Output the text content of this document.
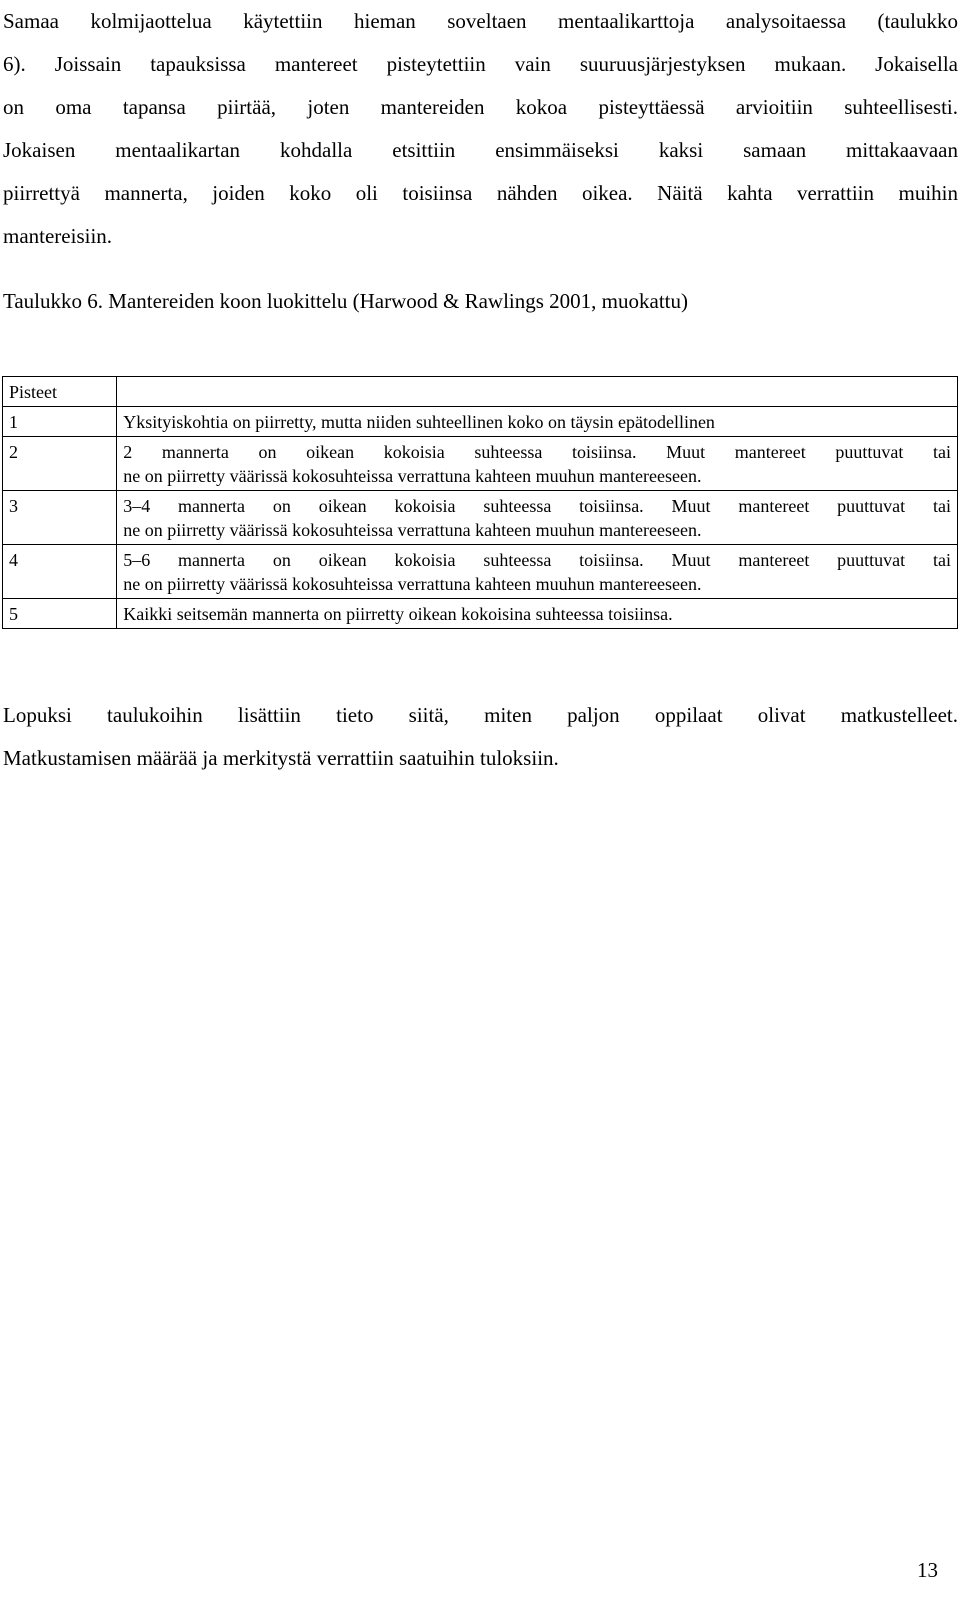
Samaa kolmijaottelua käytettiin hieman soveltaen mentaalikarttoja analysoitaessa (taulukko
6). Joissain tapauksissa mantereet pisteytettiin vain suuruusjärjestyksen mukaan. Jokaisella
on oma tapansa piirtää, joten mantereiden kokoa pisteyttäessä arvioitiin suhteellisesti.
Jokaisen mentaalikartan kohdalla etsittiin ensimmäiseksi kaksi samaan mittakaavaan
piirrettyä mannerta, joiden koko oli toisiinsa nähden oikea. Näitä kahta verrattiin muihin
mantereisiin.
Taulukko 6. Mantereiden koon luokittelu (Harwood & Rawlings 2001, muokattu)
Pisteet	
1	Yksityiskohtia on piirretty, mutta niiden suhteellinen koko on täysin epätodellinen

2	2 mannerta on oikean kokoisia suhteessa toisiinsa. Muut mantereet puuttuvat tai
ne on piirretty väärissä kokosuhteissa verrattuna kahteen muuhun mantereeseen.

3	3–4 mannerta on oikean kokoisia suhteessa toisiinsa. Muut mantereet puuttuvat tai
ne on piirretty väärissä kokosuhteissa verrattuna kahteen muuhun mantereeseen.

4	5–6 mannerta on oikean kokoisia suhteessa toisiinsa. Muut mantereet puuttuvat tai
ne on piirretty väärissä kokosuhteissa verrattuna kahteen muuhun mantereeseen.

5	Kaikki seitsemän mannerta on piirretty oikean kokoisina suhteessa toisiinsa.
Lopuksi taulukoihin lisättiin tieto siitä, miten paljon oppilaat olivat matkustelleet.
Matkustamisen määrää ja merkitystä verrattiin saatuihin tuloksiin.
13
